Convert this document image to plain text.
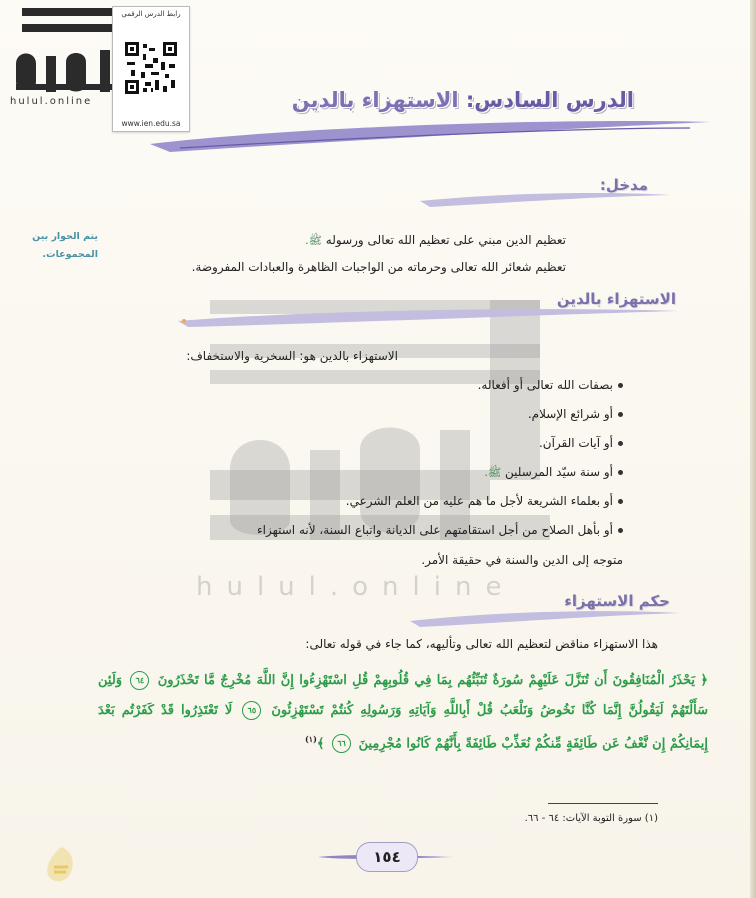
hulul.online
hulul.online
رابط الدرس الرقمي
www.ien.edu.sa
الدرس السادس: الاستهزاء بالدين
مدخل:
يتم الحوار بين
المجموعات.
تعظيم الدين مبني على تعظيم الله تعالى ورسوله ﷺ.
تعظيم شعائر الله تعالى وحرماته من الواجبات الظاهرة والعبادات المفروضة.
الاستهزاء بالدين
الاستهزاء بالدين هو: السخرية والاستخفاف:
بصفات الله تعالى أو أفعاله.
أو شرائع الإسلام.
أو آيات القرآن.
أو سنة سيّد المرسلين ﷺ.
أو بعلماء الشريعة لأجل ما هم عليه من العلم الشرعي.
أو بأهل الصلاح من أجل استقامتهم على الديانة واتباع السنة، لأنه استهزاء
متوجه إلى الدين والسنة في حقيقة الأمر.
حكم الاستهزاء
هذا الاستهزاء مناقض لتعظيم الله تعالى وتأليهه، كما جاء في قوله تعالى:
﴿ يَحْذَرُ الْمُنَافِقُونَ أَن تُنَزَّلَ عَلَيْهِمْ سُورَةٌ تُنَبِّئُهُم بِمَا فِي قُلُوبِهِمْ قُلِ اسْتَهْزِءُوا إِنَّ اللَّهَ مُخْرِجٌ مَّا تَحْذَرُونَ ٦٤ وَلَئِن سَأَلْتَهُمْ لَيَقُولُنَّ إِنَّمَا كُنَّا نَخُوضُ وَنَلْعَبُ قُلْ أَبِاللَّهِ وَآيَاتِهِ وَرَسُولِهِ كُنتُمْ تَسْتَهْزِئُونَ ٦٥ لَا تَعْتَذِرُوا قَدْ كَفَرْتُم بَعْدَ إِيمَانِكُمْ إِن نَّعْفُ عَن طَائِفَةٍ مِّنكُمْ نُعَذِّبْ طَائِفَةً بِأَنَّهُمْ كَانُوا مُجْرِمِينَ ٦٦ ﴾$^{(١)}$
(١) سورة التوبة الآيات: ٦٤ - ٦٦.
١٥٤
